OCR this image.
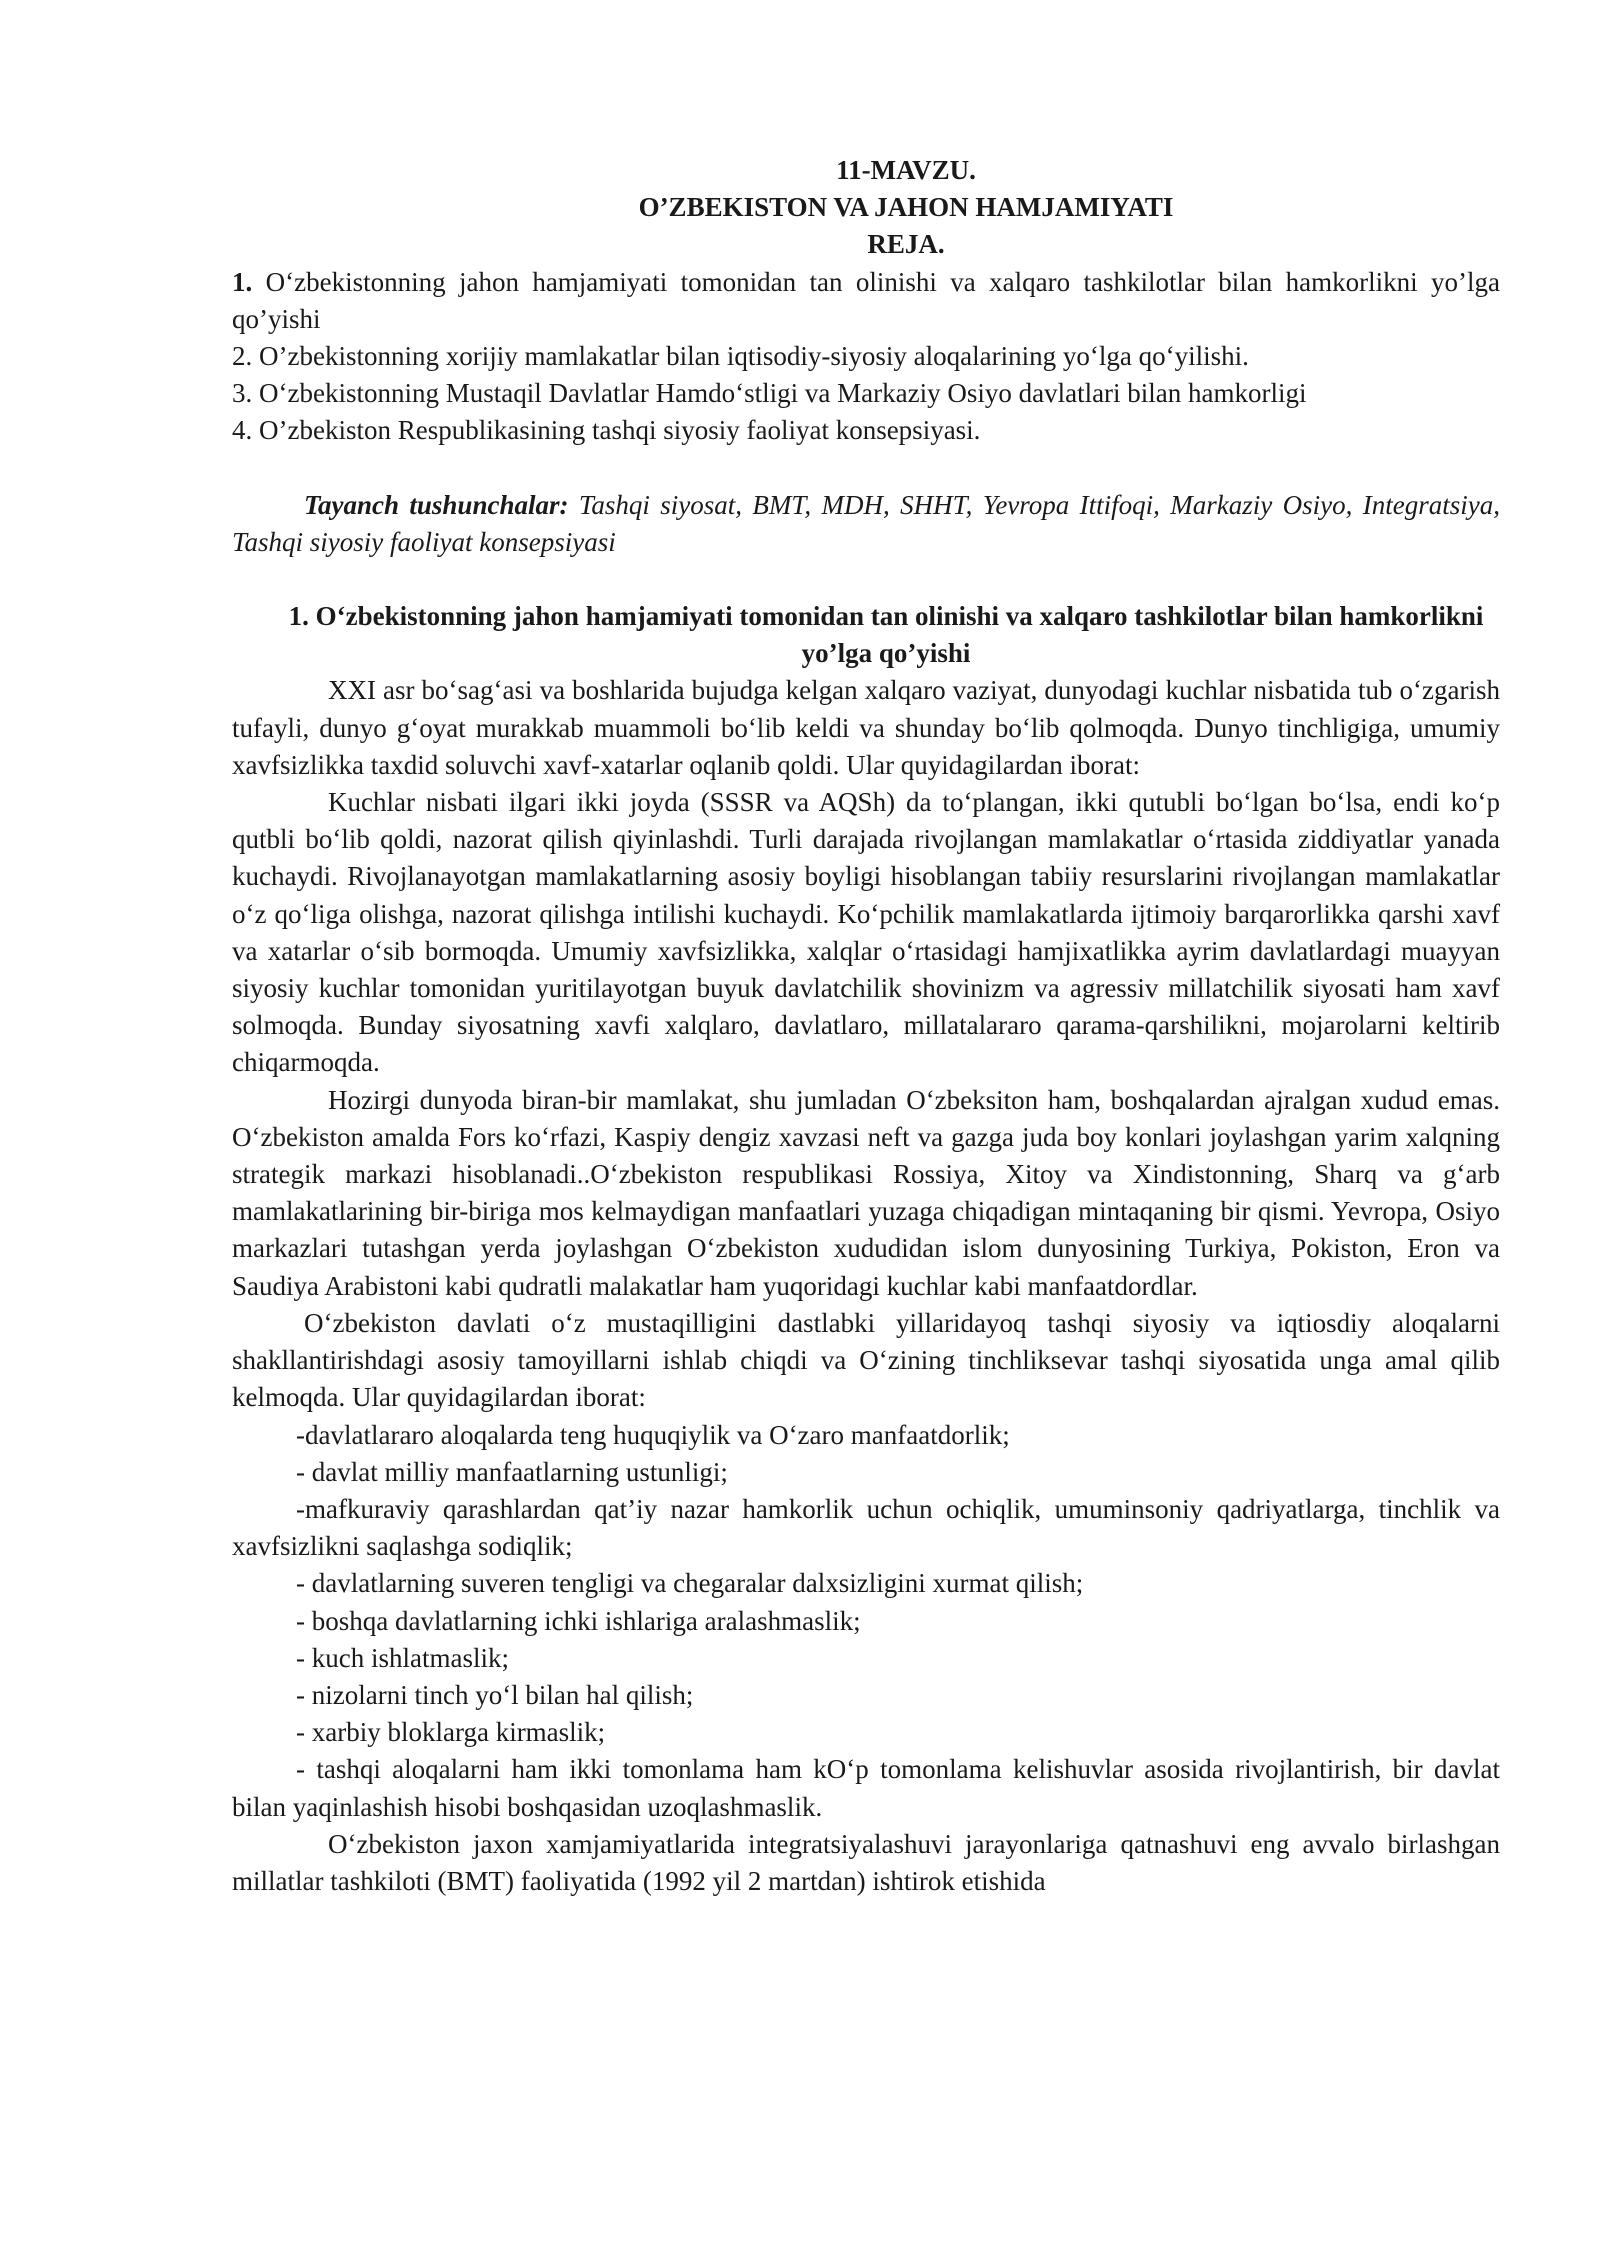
11-MAVZU.

O’ZBEKISTON VA JAHON HAMJAMIYATI

REJA.

1. O‘zbekistonning jahon hamjamiyati tomonidan tan olinishi va xalqaro tashkilotlar bilan hamkorlikni yo’lga qo’yishi

2. O’zbekistonning xorijiy mamlakatlar bilan iqtisodiy-siyosiy aloqalarining yo‘lga qo‘yilishi.

3. O‘zbekistonning Mustaqil Davlatlar Hamdo‘stligi va Markaziy Osiyo davlatlari bilan hamkorligi

4. O’zbekiston Respublikasining tashqi siyosiy faoliyat konsepsiyasi.

Tayanch tushunchalar: Tashqi siyosat, BMT, MDH, SHHT, Yevropa Ittifoqi, Markaziy Osiyo, Integratsiya, Tashqi siyosiy faoliyat konsepsiyasi

1. O‘zbekistonning jahon hamjamiyati tomonidan tan olinishi va xalqaro tashkilotlar bilan hamkorlikni yo’lga qo’yishi

XXI asr bo‘sag‘asi va boshlarida bujudga kelgan xalqaro vaziyat, dunyodagi kuchlar nisbatida tub o‘zgarish tufayli, dunyo g‘oyat murakkab muammoli bo‘lib keldi va shunday bo‘lib qolmoqda. Dunyo tinchligiga, umumiy xavfsizlikka taxdid soluvchi xavf-xatarlar oqlanib qoldi. Ular quyidagilardan iborat:

Kuchlar nisbati ilgari ikki joyda (SSSR va AQSh) da to‘plangan, ikki qutubli bo‘lgan bo‘lsa, endi ko‘p qutbli bo‘lib qoldi, nazorat qilish qiyinlashdi. Turli darajada rivojlangan mamlakatlar o‘rtasida ziddiyatlar yanada kuchaydi. Rivojlanayotgan mamlakatlarning asosiy boyligi hisoblangan tabiiy resurslarini rivojlangan mamlakatlar o‘z qo‘liga olishga, nazorat qilishga intilishi kuchaydi. Ko‘pchilik mamlakatlarda ijtimoiy barqarorlikka qarshi xavf va xatarlar o‘sib bormoqda. Umumiy xavfsizlikka, xalqlar o‘rtasidagi hamjixatlikka ayrim davlatlardagi muayyan siyosiy kuchlar tomonidan yuritilayotgan buyuk davlatchilik shovinizm va agressiv millatchilik siyosati ham xavf solmoqda. Bunday siyosatning xavfi xalqlaro, davlatlaro, millatalararo qarama-qarshilikni, mojarolarni keltirib chiqarmoqda.

Hozirgi dunyoda biran-bir mamlakat, shu jumladan O‘zbeksiton ham, boshqalardan ajralgan xudud emas. O‘zbekiston amalda Fors ko‘rfazi, Kaspiy dengiz xavzasi neft va gazga juda boy konlari joylashgan yarim xalqning strategik markazi hisoblanadi..O‘zbekiston respublikasi Rossiya, Xitoy va Xindistonning, Sharq va g‘arb mamlakatlarining bir-biriga mos kelmaydigan manfaatlari yuzaga chiqadigan mintaqaning bir qismi. Yevropa, Osiyo markazlari tutashgan yerda joylashgan O‘zbekiston xududidan islom dunyosining Turkiya, Pokiston, Eron va Saudiya Arabistoni kabi qudratli malakatlar ham yuqoridagi kuchlar kabi manfaatdordlar.

O‘zbekiston davlati o‘z mustaqilligini dastlabki yillaridayoq tashqi siyosiy va iqtiosdiy aloqalarni shakllantirishdagi asosiy tamoyillarni ishlab chiqdi va O‘zining tinchliksevar tashqi siyosatida unga amal qilib kelmoqda. Ular quyidagilardan iborat:

-davlatlararo aloqalarda teng huquqiylik va O‘zaro manfaatdorlik;

- davlat milliy manfaatlarning ustunligi;

-mafkuraviy qarashlardan qat’iy nazar hamkorlik uchun ochiqlik, umuminsoniy qadriyatlarga, tinchlik va xavfsizlikni saqlashga sodiqlik;

- davlatlarning suveren tengligi va chegaralar dalxsizligini xurmat qilish;

- boshqa davlatlarning ichki ishlariga aralashmaslik;

- kuch ishlatmaslik;

- nizolarni tinch yo‘l bilan hal qilish;

- xarbiy bloklarga kirmaslik;

- tashqi aloqalarni ham ikki tomonlama ham kO‘p tomonlama kelishuvlar asosida rivojlantirish, bir davlat bilan yaqinlashish hisobi boshqasidan uzoqlashmaslik.

O‘zbekiston jaxon xamjamiyatlarida integratsiyalashuvi jarayonlariga qatnashuvi eng avvalo birlashgan millatlar tashkiloti (BMT) faoliyatida (1992 yil 2 martdan) ishtirok etishida
